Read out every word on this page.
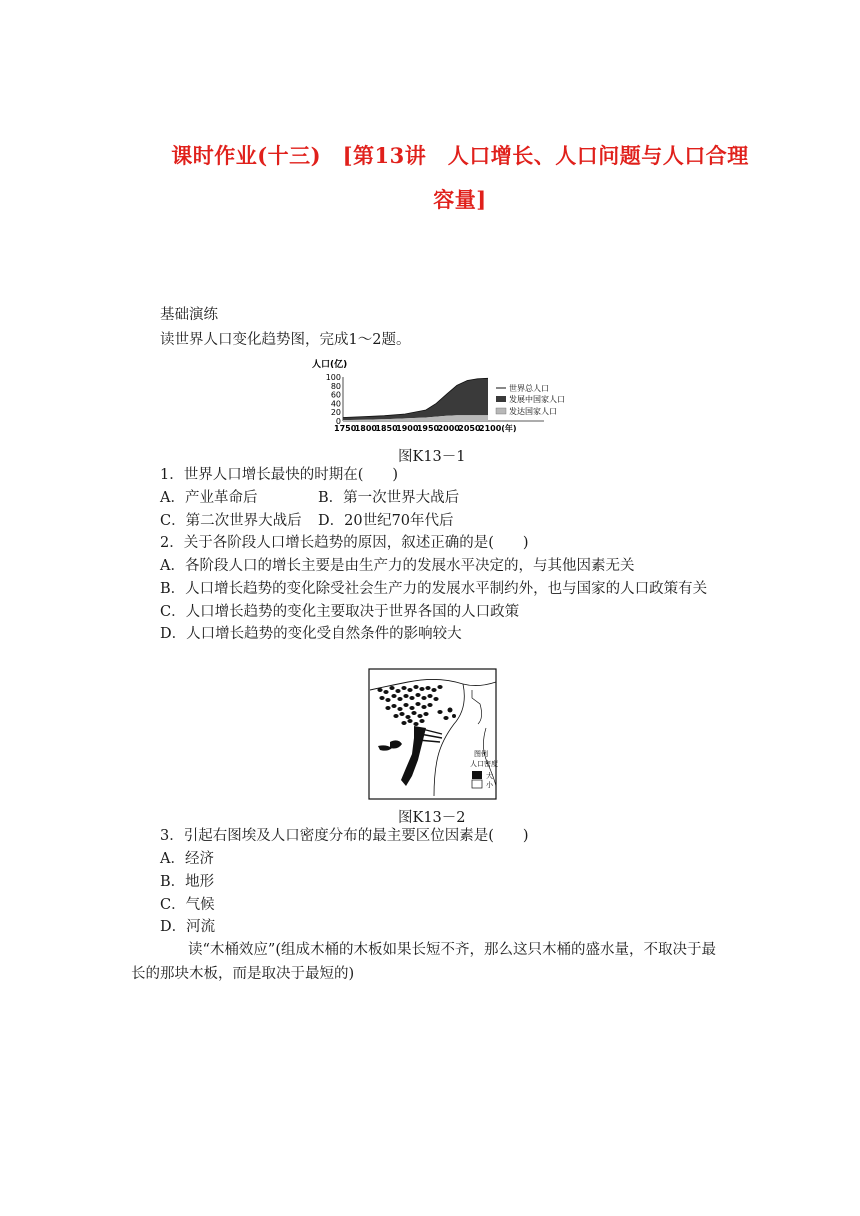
课时作业(十三)　[第13讲　人口增长、人口问题与人口合理
容量]
基础演练
读世界人口变化趋势图，完成1～2题。
人口(亿)
100
80
60
40
20
0
1750
1800
1850
1900
1950
2000
2050
2100(年)
世界总人口
发展中国家人口
发达国家人口
图K13－1
1．世界人口增长最快的时期在(　　)
A．产业革命后	B．第一次世界大战后
C．第二次世界大战后 D．20世纪70年代后
2．关于各阶段人口增长趋势的原因，叙述正确的是(　　)
A．各阶段人口的增长主要是由生产力的发展水平决定的，与其他因素无关
B．人口增长趋势的变化除受社会生产力的发展水平制约外，也与国家的人口政策有关
C．人口增长趋势的变化主要取决于世界各国的人口政策
D．人口增长趋势的变化受自然条件的影响较大
图例
人口密度
大
小
图K13－2
3．引起右图埃及人口密度分布的最主要区位因素是(　　)
A．经济
B．地形
C．气候
D．河流
读“木桶效应”(组成木桶的木板如果长短不齐，那么这只木桶的盛水量，不取决于最
长的那块木板，而是取决于最短的)
